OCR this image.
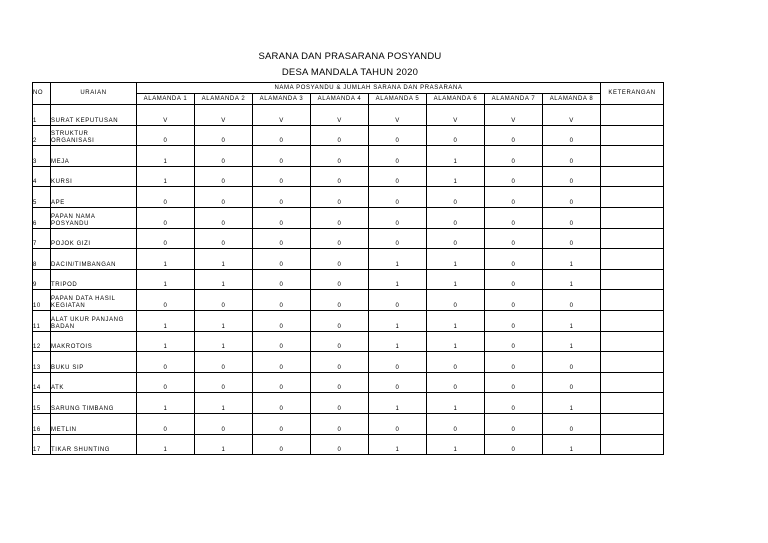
SARANA DAN PRASARANA POSYANDU
DESA MANDALA TAHUN 2020
NO	URAIAN	NAMA POSYANDU & JUMLAH SARANA DAN PRASARANA								KETERANGAN
		ALAMANDA 1	ALAMANDA 2	ALAMANDA 3	ALAMANDA 4	ALAMANDA 5	ALAMANDA 6	ALAMANDA 7	ALAMANDA 8	
1	SURAT KEPUTUSAN	V	V	V	V	V	V	V	V	
2	STRUKTUR
ORGANISASI	0	0	0	0	0	0	0	0	
3	MEJA	1	0	0	0	0	1	0	0	
4	KURSI	1	0	0	0	0	1	0	0	
5	APE	0	0	0	0	0	0	0	0	
6	PAPAN NAMA
POSYANDU	0	0	0	0	0	0	0	0	
7	POJOK GIZI	0	0	0	0	0	0	0	0	
8	DACIN/TIMBANGAN	1	1	0	0	1	1	0	1	
9	TRIPOD	1	1	0	0	1	1	0	1	
10	PAPAN DATA HASIL
KEGIATAN	0	0	0	0	0	0	0	0	
11	ALAT UKUR PANJANG
BADAN	1	1	0	0	1	1	0	1	
12	MAKROTOIS	1	1	0	0	1	1	0	1	
13	BUKU SIP	0	0	0	0	0	0	0	0	
14	ATK	0	0	0	0	0	0	0	0	
15	SARUNG TIMBANG	1	1	0	0	1	1	0	1	
16	METLIN	0	0	0	0	0	0	0	0	
17	TIKAR SHUNTING	1	1	0	0	1	1	0	1	
